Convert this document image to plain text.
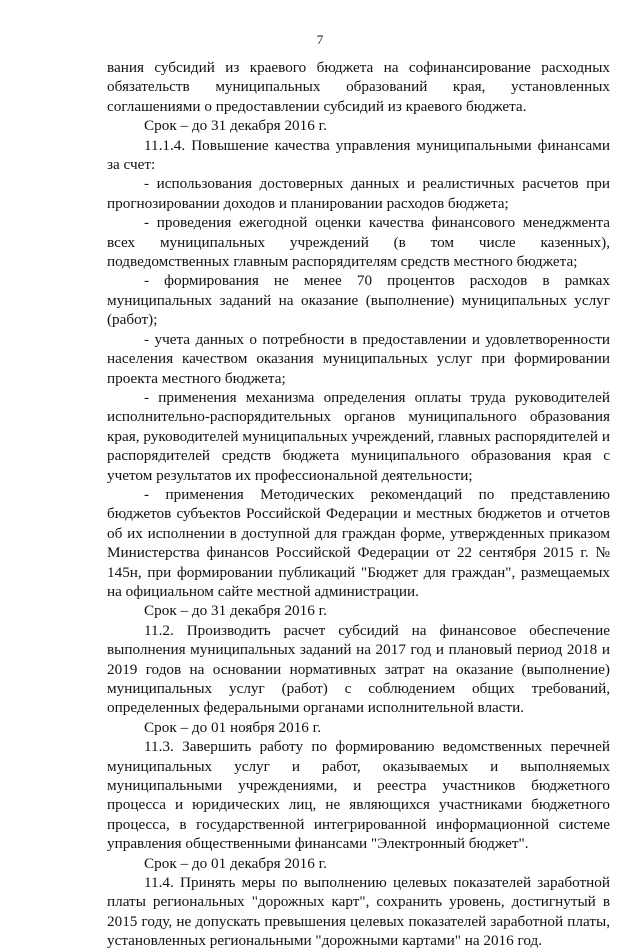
7

вания субсидий из краевого бюджета на софинансирование расходных обязательств муниципальных образований края, установленных соглашениями о предоставлении субсидий из краевого бюджета.

Срок – до 31 декабря 2016 г.

11.1.4. Повышение качества управления муниципальными финансами за счет:

- использования достоверных данных и реалистичных расчетов при прогнозировании доходов и планировании расходов бюджета;

- проведения ежегодной оценки качества финансового менеджмента всех муниципальных учреждений (в том числе казенных), подведомственных главным распорядителям средств местного бюджета;

- формирования не менее 70 процентов расходов в рамках муниципальных заданий на оказание (выполнение) муниципальных услуг (работ);

- учета данных о потребности в предоставлении и удовлетворенности населения качеством оказания муниципальных услуг при формировании проекта местного бюджета;

- применения механизма определения оплаты труда руководителей исполнительно-распорядительных органов муниципального образования края, руководителей муниципальных учреждений, главных распорядителей и распорядителей средств бюджета муниципального образования края с учетом результатов их профессиональной деятельности;

- применения Методических рекомендаций по представлению бюджетов субъектов Российской Федерации и местных бюджетов и отчетов об их исполнении в доступной для граждан форме, утвержденных приказом Министерства финансов Российской Федерации от 22 сентября 2015 г. № 145н, при формировании публикаций "Бюджет для граждан", размещаемых на официальном сайте местной администрации.

Срок – до 31 декабря 2016 г.

11.2. Производить расчет субсидий на финансовое обеспечение выполнения муниципальных заданий на 2017 год и плановый период 2018 и 2019 годов на основании нормативных затрат на оказание (выполнение) муниципальных услуг (работ) с соблюдением общих требований, определенных федеральными органами исполнительной власти.

Срок – до 01 ноября 2016 г.

11.3. Завершить работу по формированию ведомственных перечней муниципальных услуг и работ, оказываемых и выполняемых муниципальными учреждениями, и реестра участников бюджетного процесса и юридических лиц, не являющихся участниками бюджетного процесса, в государственной интегрированной информационной системе управления общественными финансами "Электронный бюджет".

Срок – до 01 декабря 2016 г.

11.4. Принять меры по выполнению целевых показателей заработной платы региональных "дорожных карт", сохранить уровень, достигнутый в 2015 году, не допускать превышения целевых показателей заработной платы, установленных региональными "дорожными картами" на 2016 год.
